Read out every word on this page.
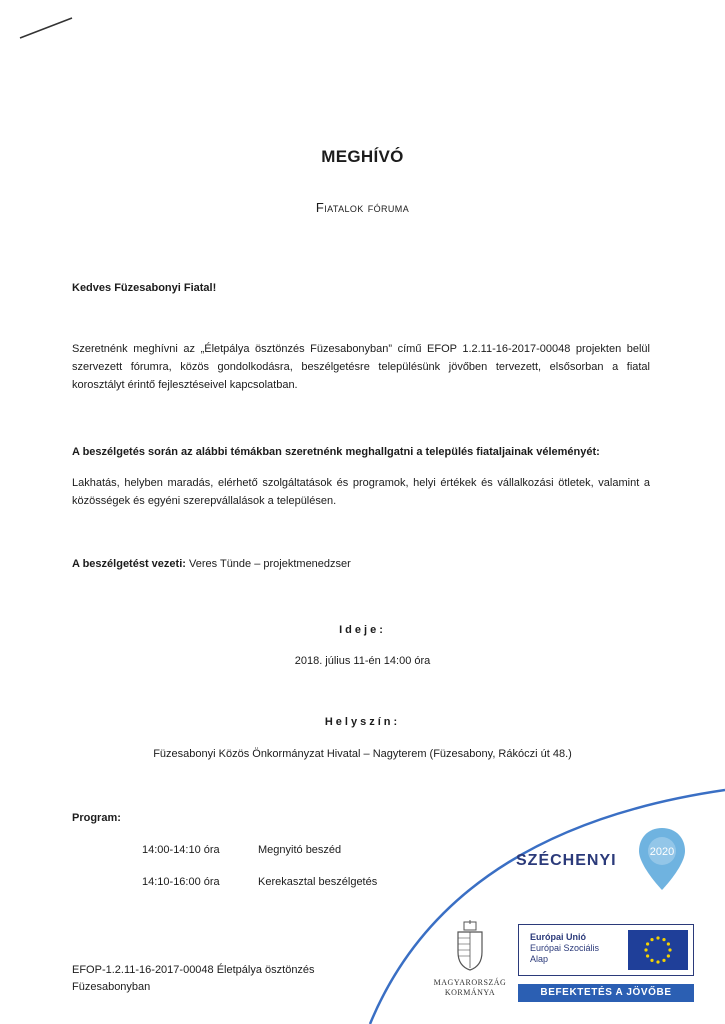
MEGHÍVÓ
Fiatalok fóruma
Kedves Füzesabonyi Fiatal!
Szeretnénk meghívni az „Életpálya ösztönzés Füzesabonyban” című EFOP 1.2.11-16-2017-00048 projekten belül szervezett fórumra, közös gondolkodásra, beszélgetésre településünk jövőben tervezett, elsősorban a fiatal korosztályt érintő fejlesztéseivel kapcsolatban.
A beszélgetés során az alábbi témákban szeretnénk meghallgatni a település fiataljainak véleményét:
Lakhatás, helyben maradás, elérhető szolgáltatások és programok, helyi értékek és vállalkozási ötletek, valamint a közösségek és egyéni szerepvállalások a településen.
A beszélgetést vezeti: Veres Tünde – projektmenedzser
Ideje:
2018. július 11-én 14:00 óra
Helyszín:
Füzesabonyi Közös Önkormányzat Hivatal – Nagyterem (Füzesabony, Rákóczi út 48.)
Program:
14:00-14:10 óra	Megnyitó beszéd
14:10-16:00 óra	Kerekasztal beszélgetés
EFOP-1.2.11-16-2017-00048 Életpálya ösztönzés
Füzesabonyban
SZÉCHENYI	2020
MAGYARORSZÁG
KORMÁNYA
Európai Unió
Európai Szociális
Alap
BEFEKTETÉS A JÖVŐBE
